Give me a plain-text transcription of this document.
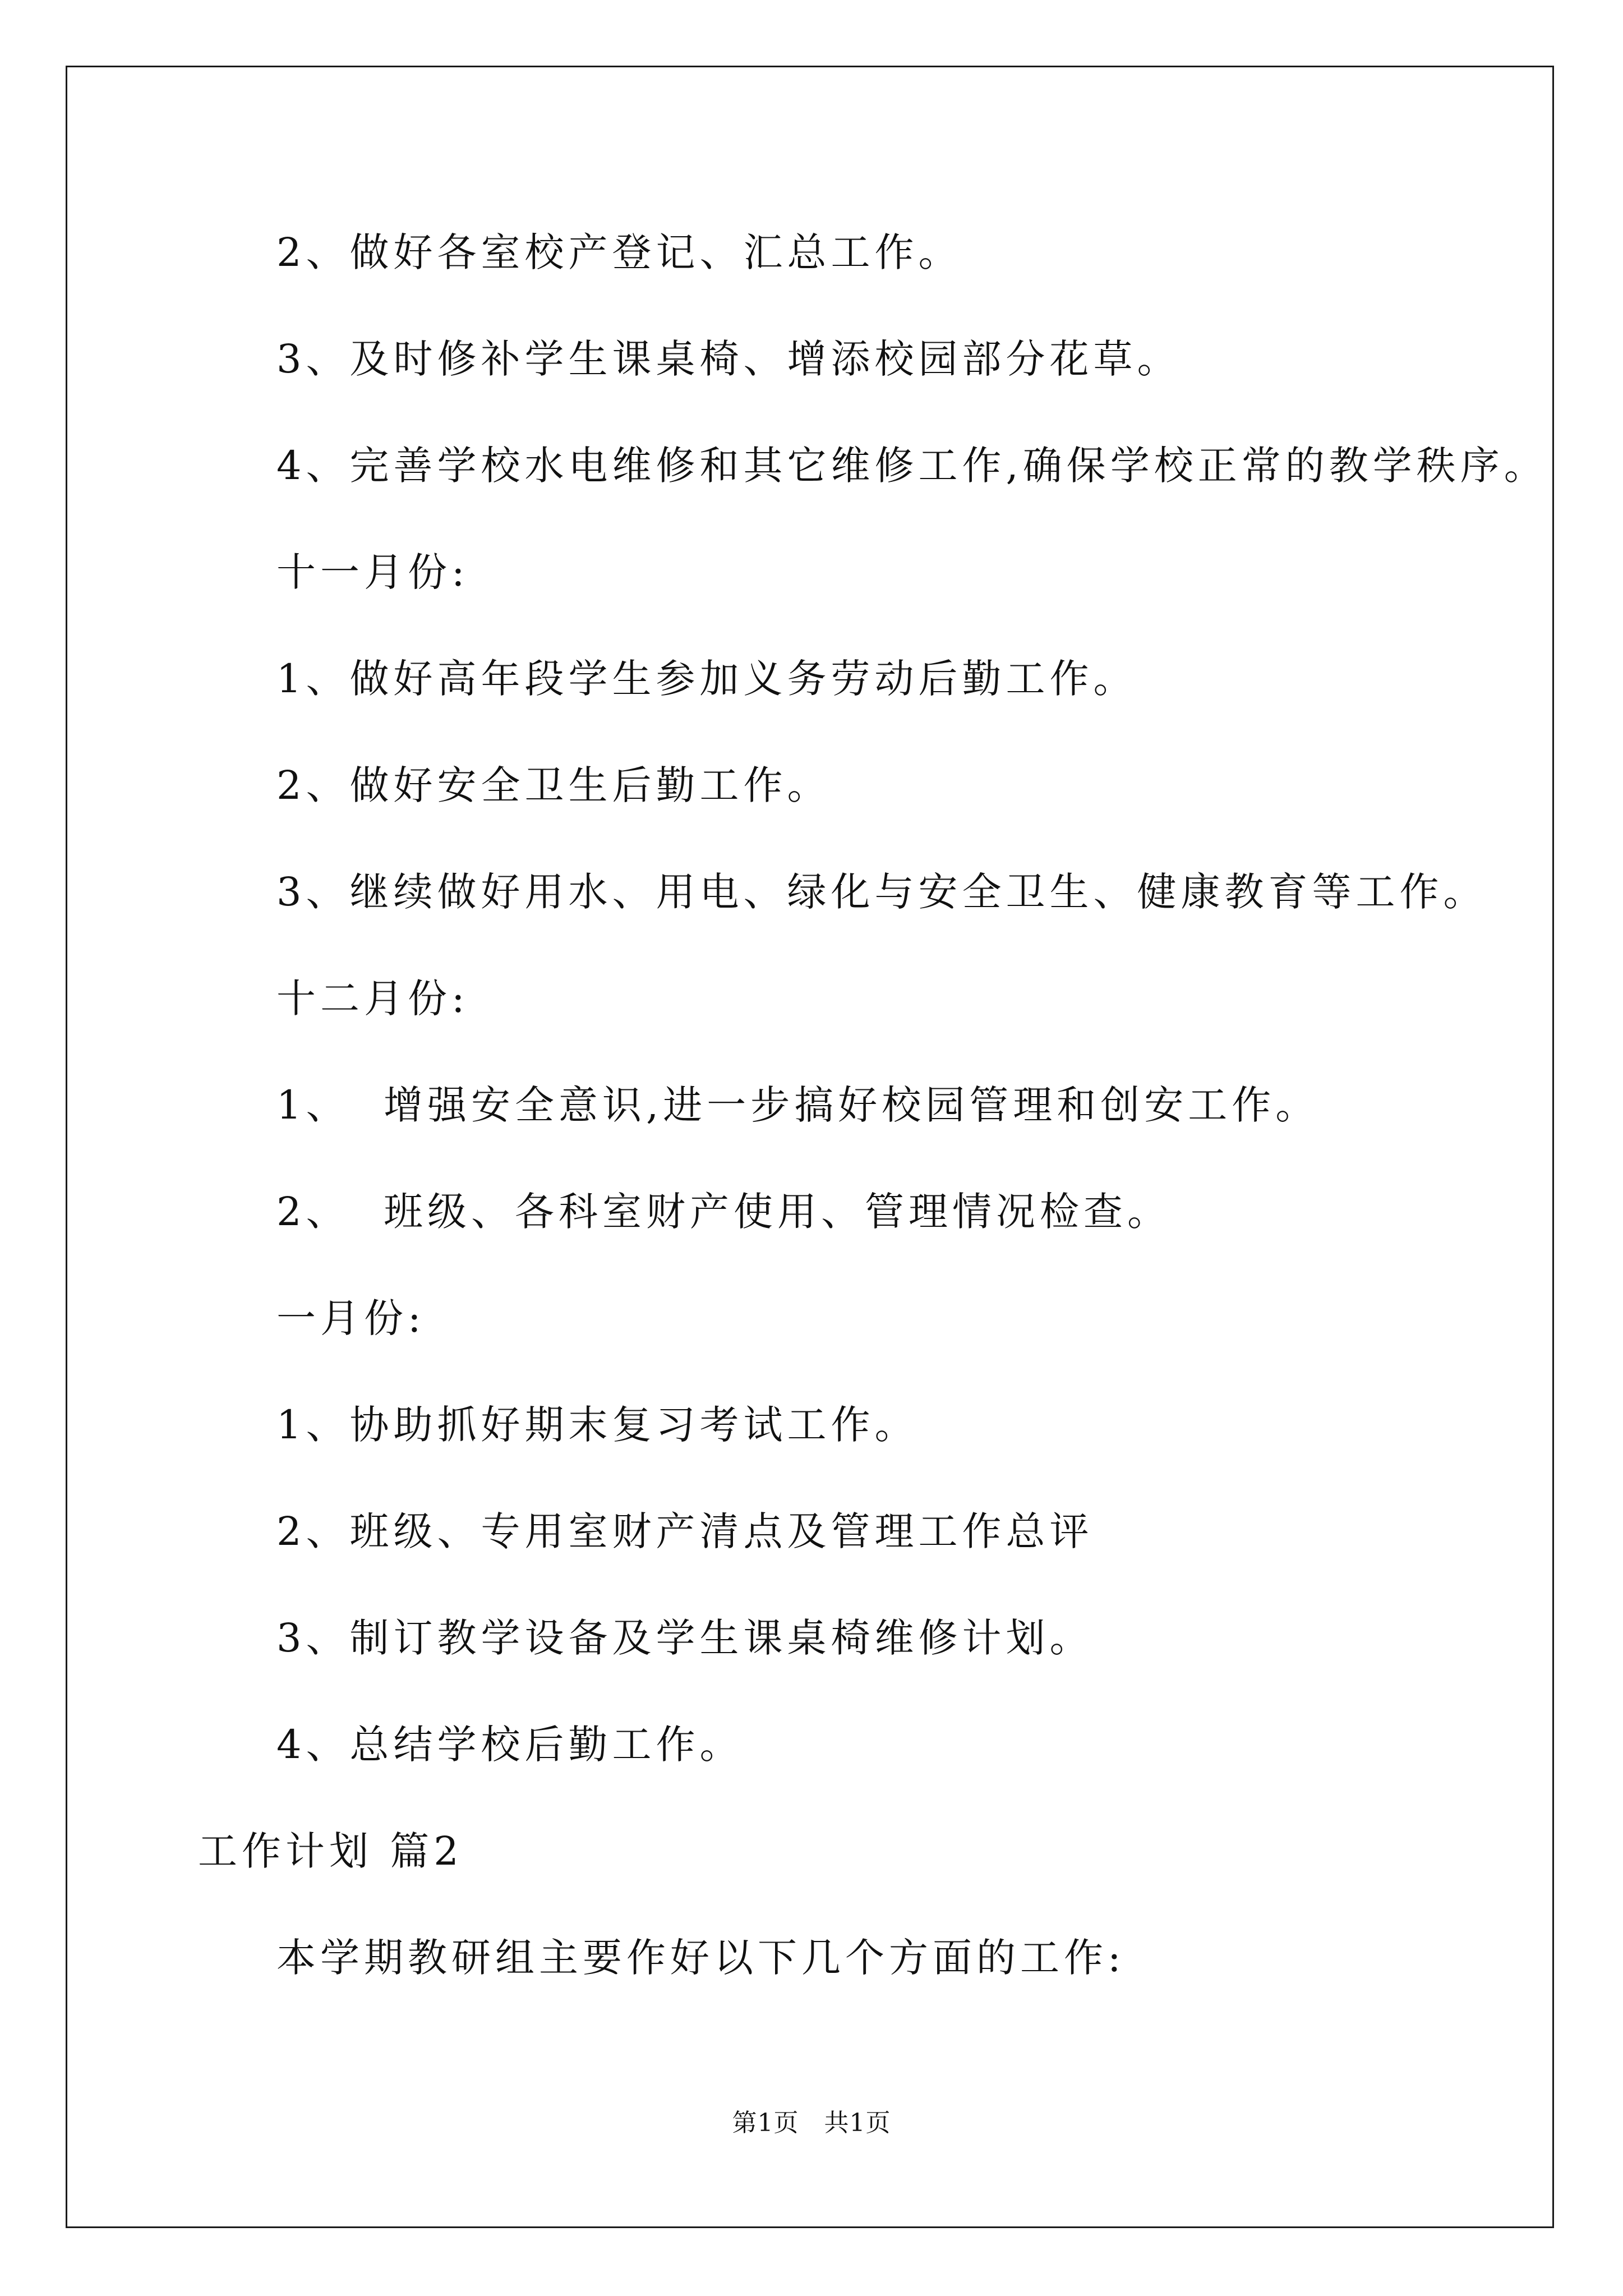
2、做好各室校产登记、汇总工作。
3、及时修补学生课桌椅、增添校园部分花草。
4、完善学校水电维修和其它维修工作,确保学校正常的教学秩序。
十一月份:
1、做好高年段学生参加义务劳动后勤工作。
2、做好安全卫生后勤工作。
3、继续做好用水、用电、绿化与安全卫生、健康教育等工作。
十二月份:
1、  增强安全意识,进一步搞好校园管理和创安工作。
2、  班级、各科室财产使用、管理情况检查。
一月份:
1、协助抓好期末复习考试工作。
2、班级、专用室财产清点及管理工作总评
3、制订教学设备及学生课桌椅维修计划。
4、总结学校后勤工作。
工作计划 篇2
本学期教研组主要作好以下几个方面的工作:
第1页   共1页
